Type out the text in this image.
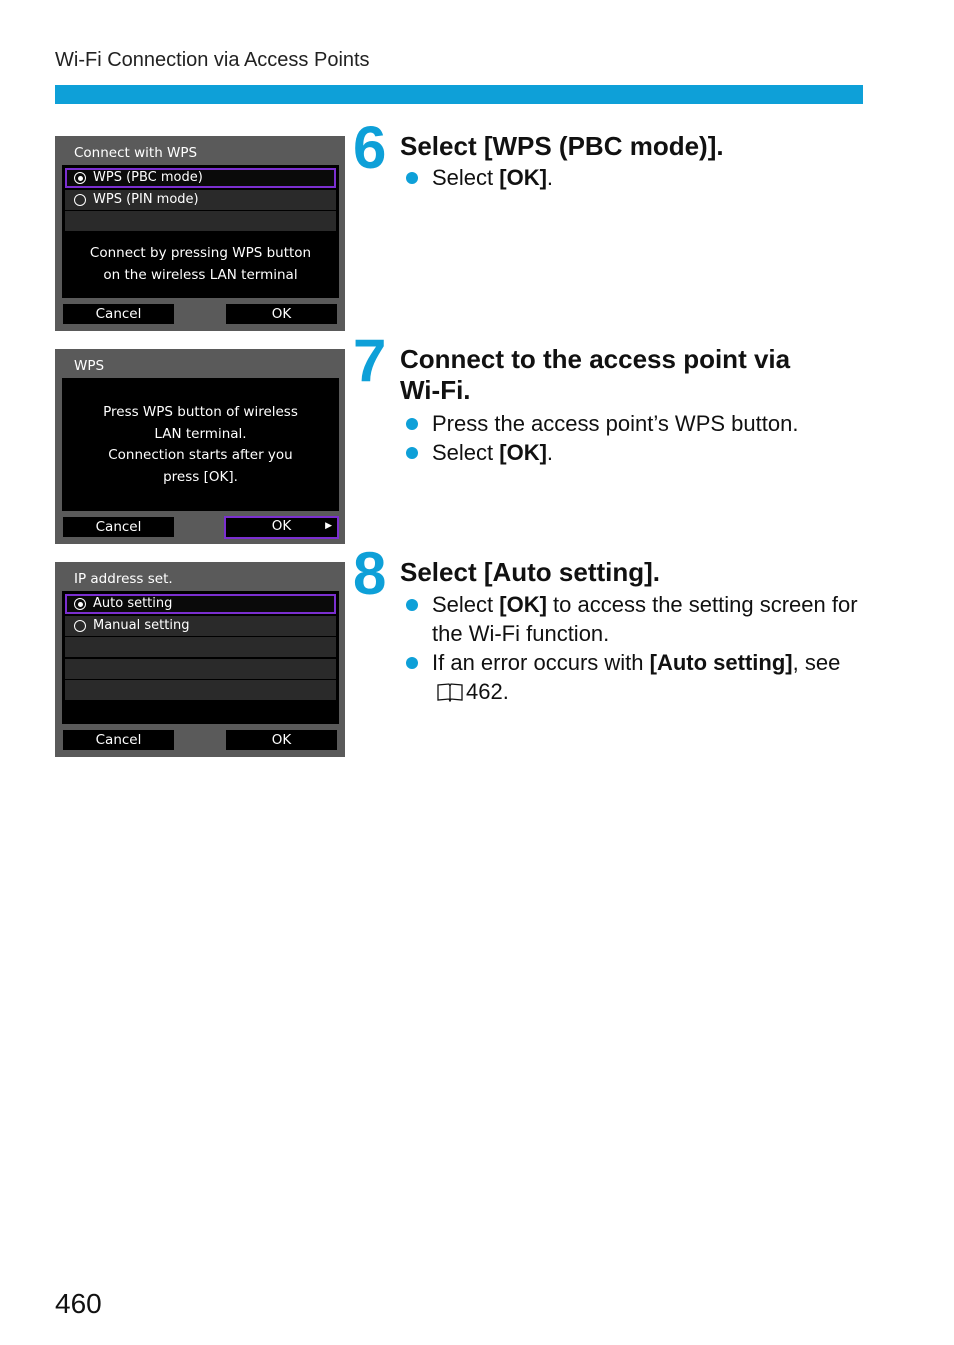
Wi-Fi Connection via Access Points
Connect with WPS
WPS (PBC mode)
WPS (PIN mode)
Connect by pressing WPS button
on the wireless LAN terminal
Cancel	OK
WPS
Press WPS button of wireless
LAN terminal.
Connection starts after you
press [OK].
Cancel	OK	▶
IP address set.
Auto setting
Manual setting
Cancel	OK
6 Select [WPS (PBC mode)].
Select [OK].
7 Connect to the access point via
Wi-Fi.
Press the access point’s WPS button.
Select [OK].
8 Select [Auto setting].
Select [OK] to access the setting screen for the Wi-Fi function.
If an error occurs with [Auto setting], see 462.
460
